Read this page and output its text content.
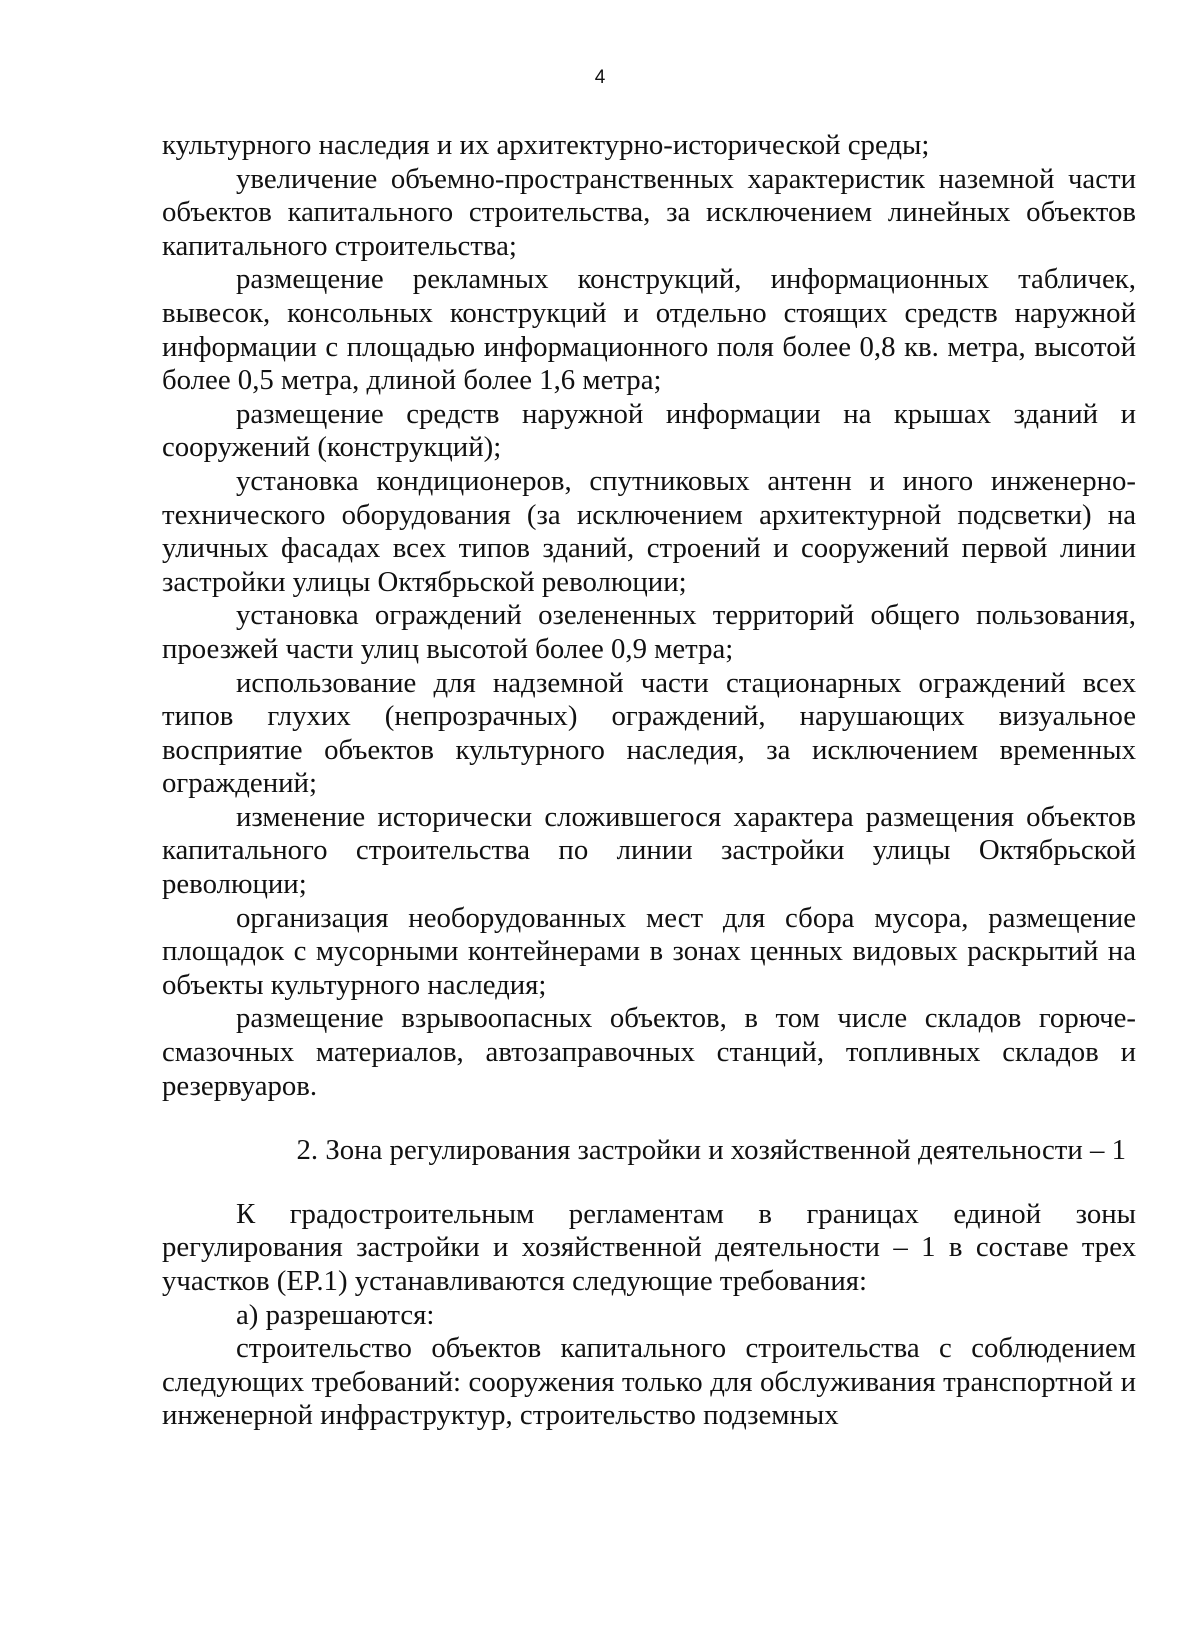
4

культурного наследия и их архитектурно-исторической среды;

увеличение объемно-пространственных характеристик наземной части объектов капитального строительства, за исключением линейных объектов капитального строительства;

размещение рекламных конструкций, информационных табличек, вывесок, консольных конструкций и отдельно стоящих средств наружной информации с площадью информационного поля более 0,8 кв. метра, высотой более 0,5 метра, длиной более 1,6 метра;

размещение средств наружной информации на крышах зданий и сооружений (конструкций);

установка кондиционеров, спутниковых антенн и иного инженерно-технического оборудования (за исключением архитектурной подсветки) на уличных фасадах всех типов зданий, строений и сооружений первой линии застройки улицы Октябрьской революции;

установка ограждений озелененных территорий общего пользования, проезжей части улиц высотой более 0,9 метра;

использование для надземной части стационарных ограждений всех типов глухих (непрозрачных) ограждений, нарушающих визуальное восприятие объектов культурного наследия, за исключением временных ограждений;

изменение исторически сложившегося характера размещения объектов капитального строительства по линии застройки улицы Октябрьской революции;

организация необорудованных мест для сбора мусора, размещение площадок с мусорными контейнерами в зонах ценных видовых раскрытий на объекты культурного наследия;

размещение взрывоопасных объектов, в том числе складов горюче-смазочных материалов, автозаправочных станций, топливных складов и резервуаров.

2. Зона регулирования застройки и хозяйственной деятельности – 1

К градостроительным регламентам в границах единой зоны регулирования застройки и хозяйственной деятельности – 1 в составе трех участков (ЕР.1) устанавливаются следующие требования:

а) разрешаются:

строительство объектов капитального строительства с соблюдением следующих требований: сооружения только для обслуживания транспортной и инженерной инфраструктур, строительство подземных
